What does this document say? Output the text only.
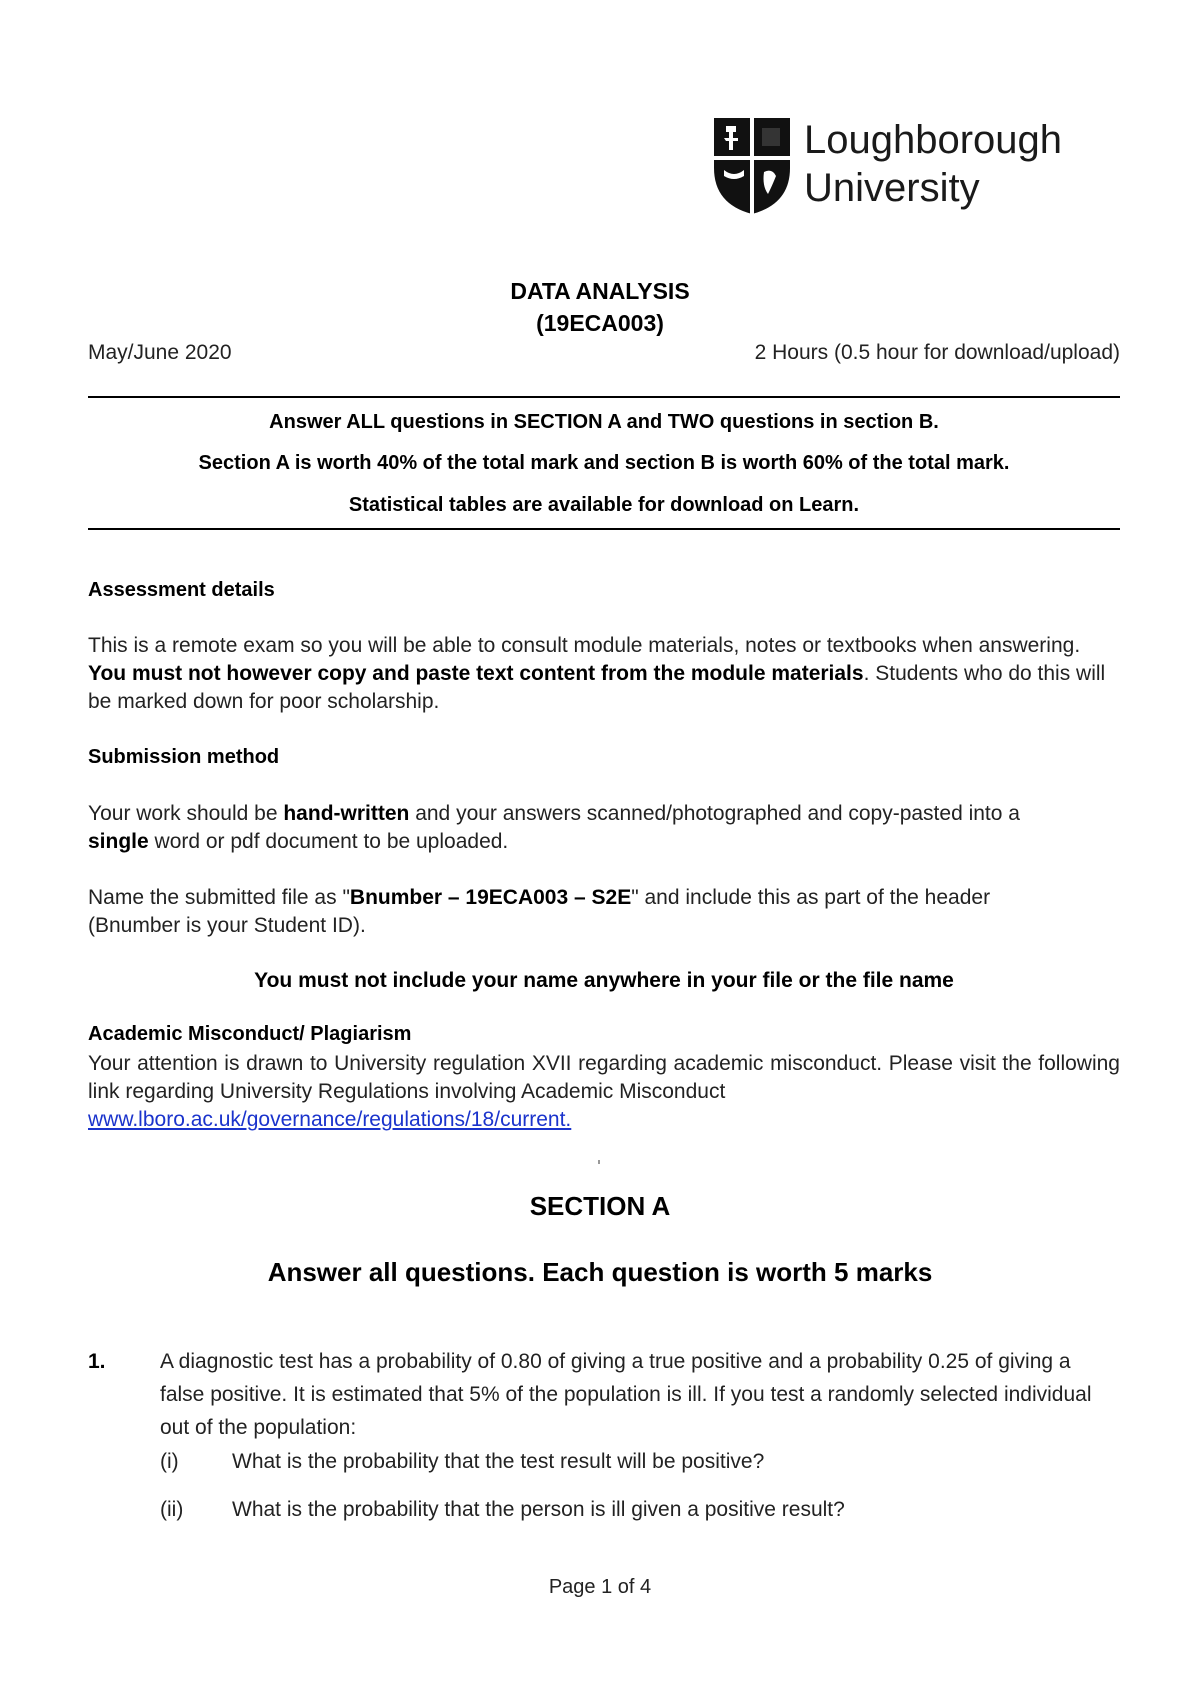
Loughborough
University
DATA ANALYSIS
(19ECA003)
May/June 2020	2 Hours (0.5 hour for download/upload)
Answer ALL questions in SECTION A and TWO questions in section B.
Section A is worth 40% of the total mark and section B is worth 60% of the total mark.
Statistical tables are available for download on Learn.
Assessment details
This is a remote exam so you will be able to consult module materials, notes or textbooks when answering. You must not however copy and paste text content from the module materials. Students who do this will be marked down for poor scholarship.
Submission method
Your work should be hand-written and your answers scanned/photographed and copy-pasted into a single word or pdf document to be uploaded.
Name the submitted file as "Bnumber – 19ECA003 – S2E" and include this as part of the header (Bnumber is your Student ID).
You must not include your name anywhere in your file or the file name
Academic Misconduct/ Plagiarism
Your attention is drawn to University regulation XVII regarding academic misconduct. Please visit the following link regarding University Regulations involving Academic Misconduct
www.lboro.ac.uk/governance/regulations/18/current.
SECTION A
Answer all questions. Each question is worth 5 marks
1.	A diagnostic test has a probability of 0.80 of giving a true positive and a probability 0.25 of giving a false positive. It is estimated that 5% of the population is ill. If you test a randomly selected individual out of the population:
(i)	What is the probability that the test result will be positive?
(ii) What is the probability that the person is ill given a positive result?
Page 1 of 4
